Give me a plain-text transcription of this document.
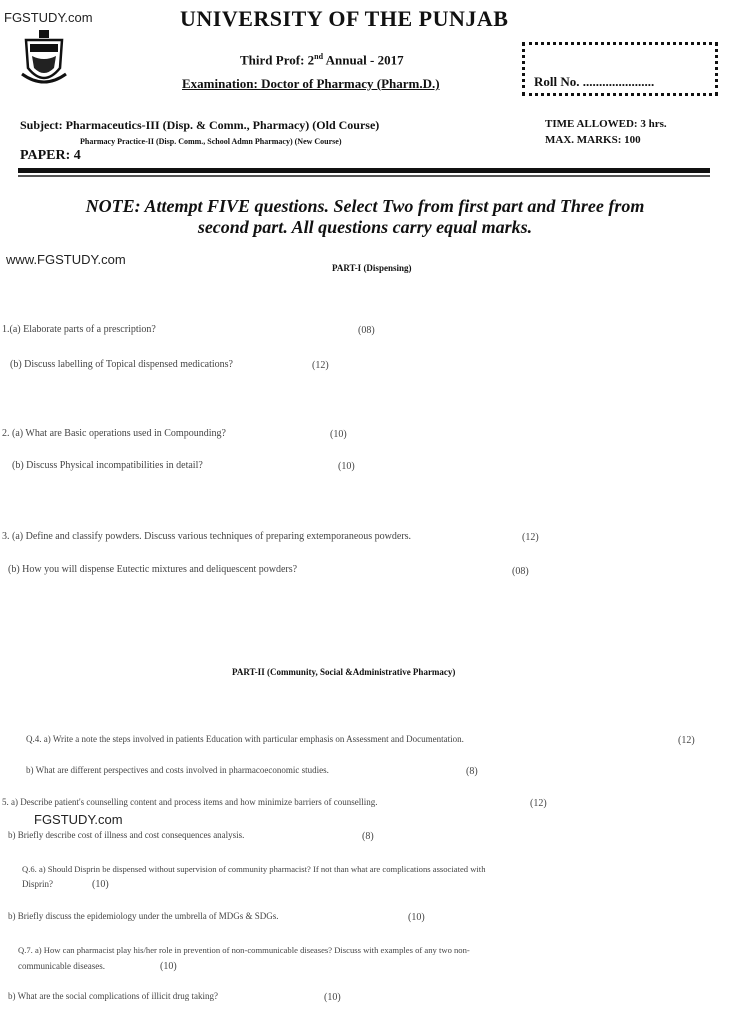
FGSTUDY.com
www.FGSTUDY.com
FGSTUDY.com
UNIVERSITY OF THE PUNJAB
Third Prof: 2nd Annual - 2017
Examination: Doctor of Pharmacy (Pharm.D.)	Roll No. ......................
Subject: Pharmaceutics-III (Disp. & Comm., Pharmacy) (Old Course)
Pharmacy Practice-II (Disp. Comm., School Admn Pharmacy) (New Course)
PAPER: 4
TIME ALLOWED: 3 hrs.
MAX. MARKS: 100
NOTE: Attempt FIVE questions. Select Two from first part and Three from
second part. All questions carry equal marks.
PART-I (Dispensing)
1.(a) Elaborate parts of a prescription?	(08)
(b) Discuss labelling of Topical dispensed medications?	(12)
2. (a) What are Basic operations used in Compounding?	(10)
(b) Discuss Physical incompatibilities in detail?	(10)
3. (a) Define and classify powders. Discuss various techniques of preparing extemporaneous powders.	(12)
(b) How you will dispense Eutectic mixtures and deliquescent powders?	(08)
PART-II (Community, Social &Administrative Pharmacy)
Q.4. a) Write a note the steps involved in patients Education with particular emphasis on Assessment and Documentation.	(12)
b) What are different perspectives and costs involved in pharmacoeconomic studies.	(8)
5. a) Describe patient's counselling content and process items and how minimize barriers of counselling.	(12)
b) Briefly describe cost of illness and cost consequences analysis.	(8)
Q.6. a) Should Disprin be dispensed without supervision of community pharmacist? If not than what are complications associated with
Disprin?	(10)
b) Briefly discuss the epidemiology under the umbrella of MDGs & SDGs.	(10)
Q.7. a) How can pharmacist play his/her role in prevention of non-communicable diseases? Discuss with examples of any two non-
communicable diseases.	(10)
b) What are the social complications of illicit drug taking?	(10)
